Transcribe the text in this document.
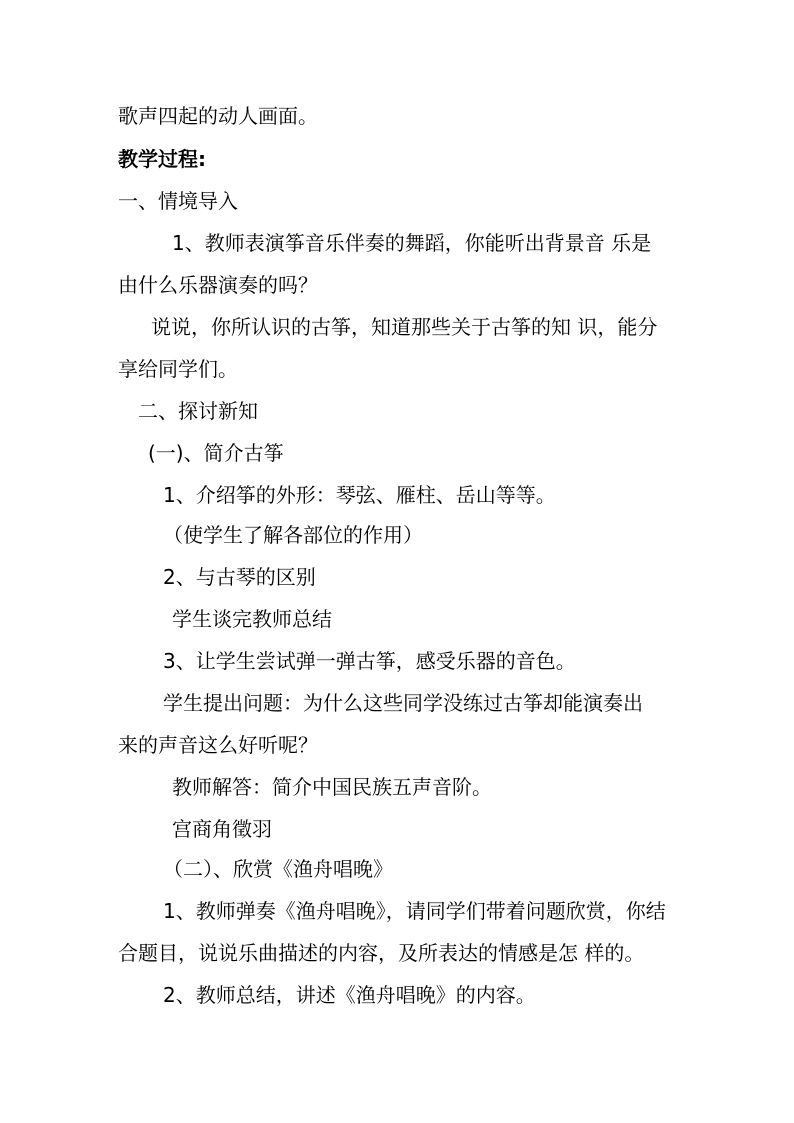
歌声四起的动人画面。
教学过程:
一、情境导入
1、教师表演筝音乐伴奏的舞蹈，你能听出背景音 乐是
由什么乐器演奏的吗？
说说，你所认识的古筝，知道那些关于古筝的知 识，能分
享给同学们。
二、探讨新知
(一)、简介古筝
1、介绍筝的外形：琴弦、雁柱、岳山等等。
（使学生了解各部位的作用）
2、与古琴的区别
学生谈完教师总结
3、让学生尝试弹一弹古筝，感受乐器的音色。
学生提出问题：为什么这些同学没练过古筝却能演奏出
来的声音这么好听呢？
教师解答：简介中国民族五声音阶。
宫商角徵羽
（二）、欣赏《渔舟唱晚》
1、教师弹奏《渔舟唱晚》，请同学们带着问题欣赏，你结
合题目，说说乐曲描述的内容，及所表达的情感是怎 样的。
2、教师总结，讲述《渔舟唱晚》的内容。
